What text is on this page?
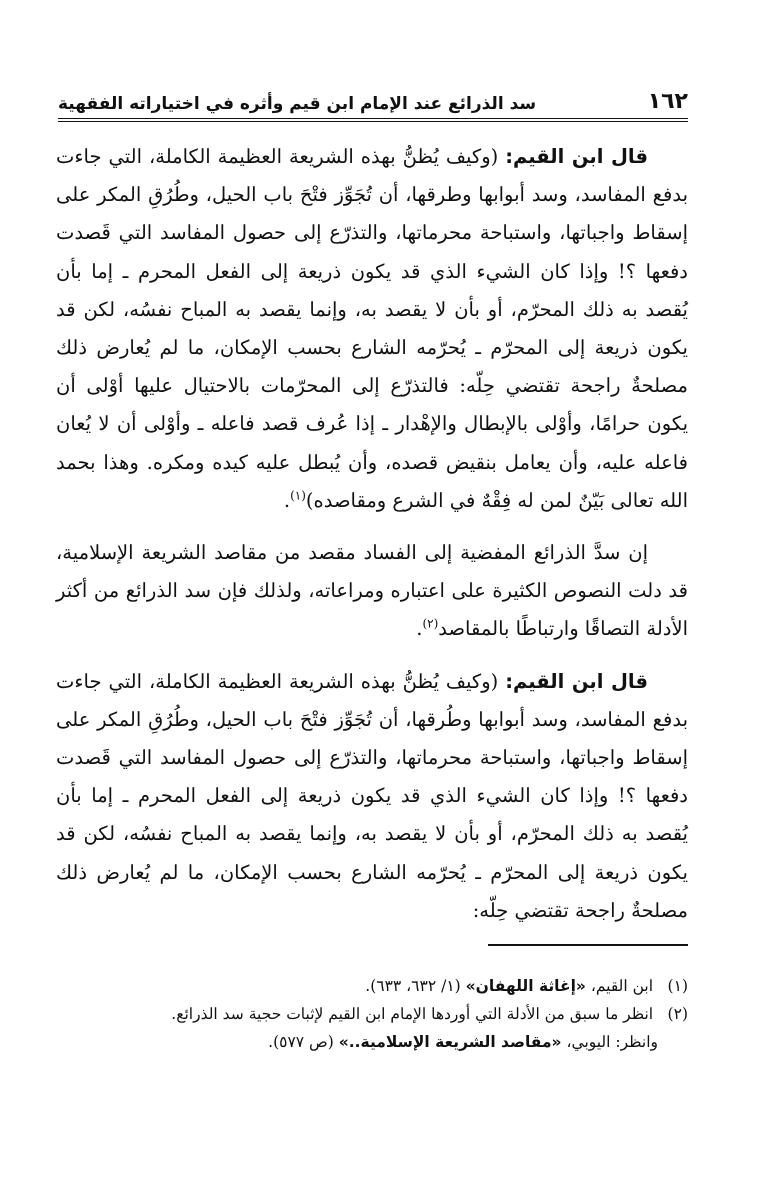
١٦٢
سد الذرائع عند الإمام ابن قيم وأثره في اختياراته الفقهية

قال ابن القيم: (وكيف يُظنُّ بهذه الشريعة العظيمة الكاملة، التي جاءت بدفع المفاسد، وسد أبوابها وطرقها، أن تُجَوِّز فتْحَ باب الحيل، وطُرُقِ المكر على إسقاط واجباتها، واستباحة محرماتها، والتذرّع إلى حصول المفاسد التي قَصدت دفعها ؟! وإذا كان الشيء الذي قد يكون ذريعة إلى الفعل المحرم ـ إما بأن يُقصد به ذلك المحرّم، أو بأن لا يقصد به، وإنما يقصد به المباح نفسُه، لكن قد يكون ذريعة إلى المحرّم ـ يُحرّمه الشارع بحسب الإمكان، ما لم يُعارض ذلك مصلحةٌ راجحة تقتضي حِلّه: فالتذرّع إلى المحرّمات بالاحتيال عليها أوْلى أن يكون حرامًا، وأوْلى بالإبطال والإهْدار ـ إذا عُرف قصد فاعله ـ وأوْلى أن لا يُعان فاعله عليه، وأن يعامل بنقيض قصده، وأن يُبطل عليه كيده ومكره. وهذا بحمد الله تعالى بَيّنٌ لمن له فِقْهٌ في الشرع ومقاصده)$^{(١)}$.

إن سدَّ الذرائع المفضية إلى الفساد مقصد من مقاصد الشريعة الإسلامية، قد دلت النصوص الكثيرة على اعتباره ومراعاته، ولذلك فإن سد الذرائع من أكثر الأدلة التصاقًا وارتباطًا بالمقاصد$^{(٢)}$.

قال ابن القيم: (وكيف يُظنُّ بهذه الشريعة العظيمة الكاملة، التي جاءت بدفع المفاسد، وسد أبوابها وطُرقها، أن تُجَوِّز فتْحَ باب الحيل، وطُرُقِ المكر على إسقاط واجباتها، واستباحة محرماتها، والتذرّع إلى حصول المفاسد التي قَصدت دفعها ؟! وإذا كان الشيء الذي قد يكون ذريعة إلى الفعل المحرم ـ إما بأن يُقصد به ذلك المحرّم، أو بأن لا يقصد به، وإنما يقصد به المباح نفسُه، لكن قد يكون ذريعة إلى المحرّم ـ يُحرّمه الشارع بحسب الإمكان، ما لم يُعارض ذلك مصلحةٌ راجحة تقتضي حِلّه:

(١) ابن القيم، «إغاثة اللهفان» (١/ ٦٣٢، ٦٣٣).

(٢) انظر ما سبق من الأدلة التي أوردها الإمام ابن القيم لإثبات حجية سد الذرائع.

وانظر: اليوبي، «مقاصد الشريعة الإسلامية..» (ص ٥٧٧).
